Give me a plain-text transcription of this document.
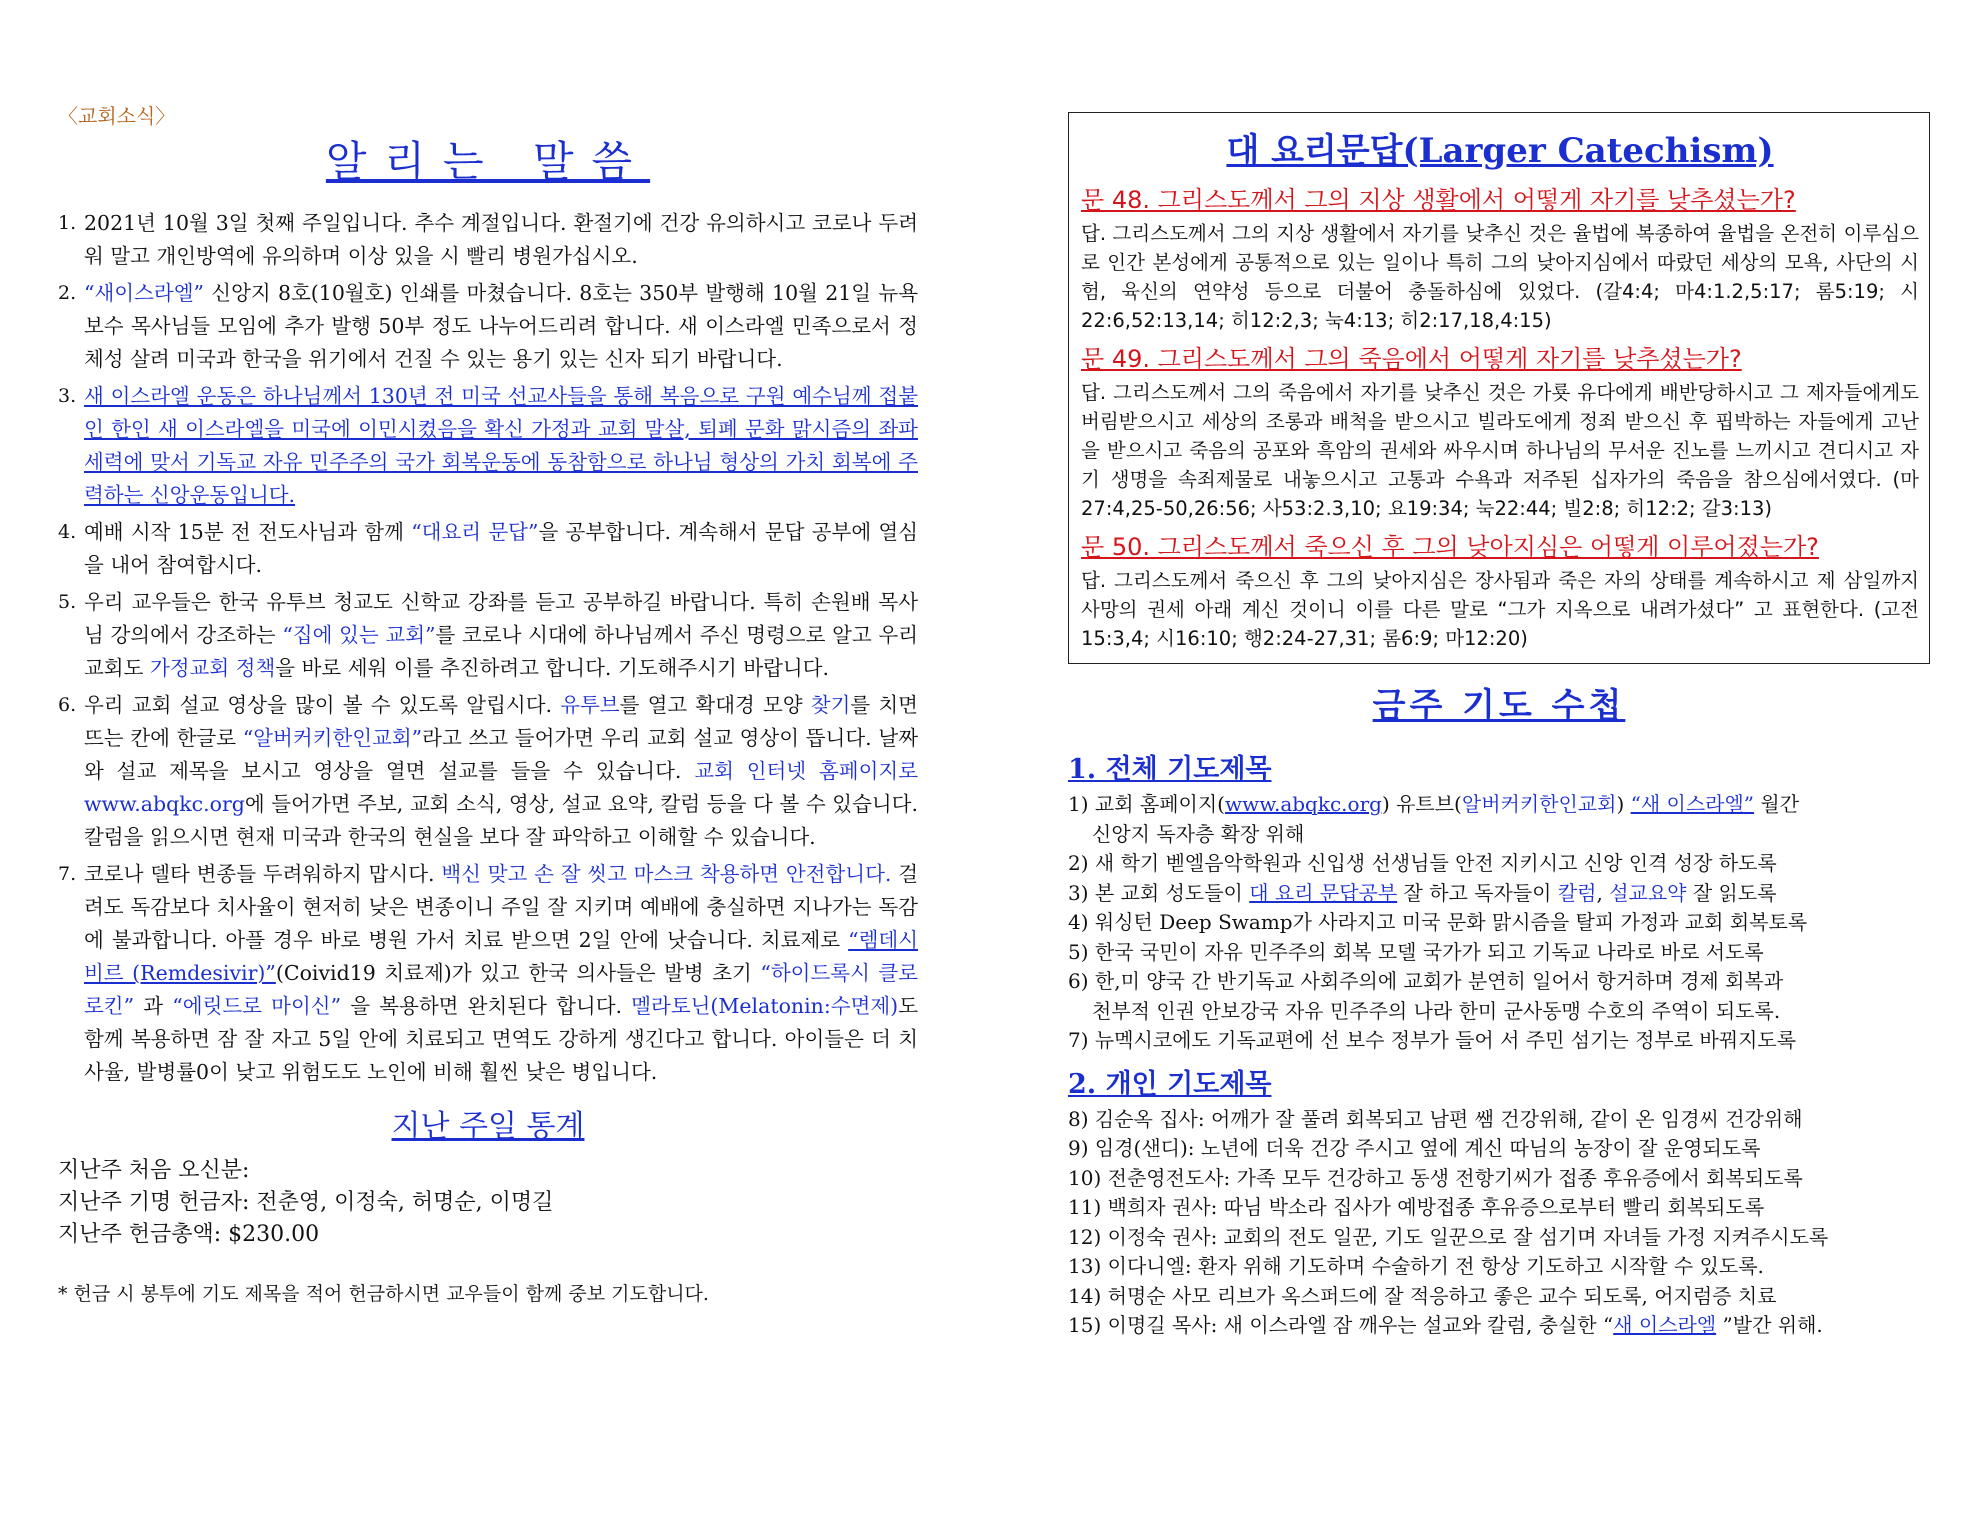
〈교회소식〉
알리는 말씀
1. 2021년 10월 3일 첫째 주일입니다. 추수 계절입니다. 환절기에 건강 유의하시고 코로나 두려워 말고 개인방역에 유의하며 이상 있을 시 빨리 병원가십시오.
2. “새이스라엘” 신앙지 8호(10월호) 인쇄를 마쳤습니다. 8호는 350부 발행해 10월 21일 뉴욕 보수 목사님들 모임에 추가 발행 50부 정도 나누어드리려 합니다. 새 이스라엘 민족으로서 정체성 살려 미국과 한국을 위기에서 건질 수 있는 용기 있는 신자 되기 바랍니다.
3. 새 이스라엘 운동은 하나님께서 130년 전 미국 선교사들을 통해 복음으로 구원 예수님께 접붙인 한인 새 이스라엘을 미국에 이민시켰음을 확신 가정과 교회 말살, 퇴폐 문화 맑시즘의 좌파 세력에 맞서 기독교 자유 민주주의 국가 회복운동에 동참함으로 하나님 형상의 가치 회복에 주력하는 신앙운동입니다.
4. 예배 시작 15분 전 전도사님과 함께 “대요리 문답”을 공부합니다. 계속해서 문답 공부에 열심을 내어 참여합시다.
5. 우리 교우들은 한국 유투브 청교도 신학교 강좌를 듣고 공부하길 바랍니다. 특히 손원배 목사님 강의에서 강조하는 “집에 있는 교회”를 코로나 시대에 하나님께서 주신 명령으로 알고 우리 교회도 가정교회 정책을 바로 세워 이를 추진하려고 합니다. 기도해주시기 바랍니다.
6. 우리 교회 설교 영상을 많이 볼 수 있도록 알립시다. 유투브를 열고 확대경 모양 찾기를 치면 뜨는 칸에 한글로 “알버커키한인교회”라고 쓰고 들어가면 우리 교회 설교 영상이 뜹니다. 날짜와 설교 제목을 보시고 영상을 열면 설교를 들을 수 있습니다. 교회 인터넷 홈페이지로 www.abqkc.org에 들어가면 주보, 교회 소식, 영상, 설교 요약, 칼럼 등을 다 볼 수 있습니다. 칼럼을 읽으시면 현재 미국과 한국의 현실을 보다 잘 파악하고 이해할 수 있습니다.
7. 코로나 델타 변종들 두려워하지 맙시다. 백신 맞고 손 잘 씻고 마스크 착용하면 안전합니다. 걸려도 독감보다 치사율이 현저히 낮은 변종이니 주일 잘 지키며 예배에 충실하면 지나가는 독감에 불과합니다. 아플 경우 바로 병원 가서 치료 받으면 2일 안에 낫습니다. 치료제로 “렘데시비르 (Remdesivir)”(Coivid19 치료제)가 있고 한국 의사들은 발병 초기 “하이드록시 클로로킨” 과 “에릿드로 마이신” 을 복용하면 완치된다 합니다. 멜라토닌(Melatonin:수면제)도 함께 복용하면 잠 잘 자고 5일 안에 치료되고 면역도 강하게 생긴다고 합니다. 아이들은 더 치사율, 발병률0이 낮고 위험도도 노인에 비해 훨씬 낮은 병입니다.
지난 주일 통계
지난주 처음 오신분:
지난주 기명 헌금자: 전춘영, 이정숙, 허명순, 이명길
지난주 헌금총액: $230.00
* 헌금 시 봉투에 기도 제목을 적어 헌금하시면 교우들이 함께 중보 기도합니다.
대 요리문답(Larger Catechism)
문 48. 그리스도께서 그의 지상 생활에서 어떻게 자기를 낮추셨는가?
답. 그리스도께서 그의 지상 생활에서 자기를 낮추신 것은 율법에 복종하여 율법을 온전히 이루심으로 인간 본성에게 공통적으로 있는 일이나 특히 그의 낮아지심에서 따랐던 세상의 모욕, 사단의 시험, 육신의 연약성 등으로 더불어 충돌하심에 있었다. (갈4:4; 마4:1.2,5:17; 롬5:19; 시22:6,52:13,14; 히12:2,3; 눅4:13; 히2:17,18,4:15)
문 49. 그리스도께서 그의 죽음에서 어떻게 자기를 낮추셨는가?
답. 그리스도께서 그의 죽음에서 자기를 낮추신 것은 가룟 유다에게 배반당하시고 그 제자들에게도 버림받으시고 세상의 조롱과 배척을 받으시고 빌라도에게 정죄 받으신 후 핍박하는 자들에게 고난을 받으시고 죽음의 공포와 흑암의 권세와 싸우시며 하나님의 무서운 진노를 느끼시고 견디시고 자기 생명을 속죄제물로 내놓으시고 고통과 수욕과 저주된 십자가의 죽음을 참으심에서였다. (마27:4,25-50,26:56; 사53:2.3,10; 요19:34; 눅22:44; 빌2:8; 히12:2; 갈3:13)
문 50. 그리스도께서 죽으신 후 그의 낮아지심은 어떻게 이루어졌는가?
답. 그리스도께서 죽으신 후 그의 낮아지심은 장사됨과 죽은 자의 상태를 계속하시고 제 삼일까지 사망의 권세 아래 계신 것이니 이를 다른 말로 “그가 지옥으로 내려가셨다” 고 표현한다. (고전15:3,4; 시16:10; 행2:24-27,31; 롬6:9; 마12:20)
금주 기도 수첩
1. 전체 기도제목
1) 교회 홈페이지(www.abqkc.org) 유트브(알버커키한인교회) “새 이스라엘” 월간
신앙지 독자층 확장 위해
2) 새 학기 벧엘음악학원과 신입생 선생님들 안전 지키시고 신앙 인격 성장 하도록
3) 본 교회 성도들이 대 요리 문답공부 잘 하고 독자들이 칼럼, 설교요약 잘 읽도록
4) 워싱턴 Deep Swamp가 사라지고 미국 문화 맑시즘을 탈피 가정과 교회 회복토록
5) 한국 국민이 자유 민주주의 회복 모델 국가가 되고 기독교 나라로 바로 서도록
6) 한,미 양국 간 반기독교 사회주의에 교회가 분연히 일어서 항거하며 경제 회복과
천부적 인권 안보강국 자유 민주주의 나라 한미 군사동맹 수호의 주역이 되도록.
7) 뉴멕시코에도 기독교편에 선 보수 정부가 들어 서 주민 섬기는 정부로 바꿔지도록
2. 개인 기도제목
8) 김순옥 집사: 어깨가 잘 풀려 회복되고 남편 쌤 건강위해, 같이 온 임경씨 건강위해
9) 임경(샌디): 노년에 더욱 건강 주시고 옆에 계신 따님의 농장이 잘 운영되도록
10) 전춘영전도사: 가족 모두 건강하고 동생 전항기씨가 접종 후유증에서 회복되도록
11) 백희자 권사: 따님 박소라 집사가 예방접종 후유증으로부터 빨리 회복되도록
12) 이정숙 권사: 교회의 전도 일꾼, 기도 일꾼으로 잘 섬기며 자녀들 가정 지켜주시도록
13) 이다니엘: 환자 위해 기도하며 수술하기 전 항상 기도하고 시작할 수 있도록.
14) 허명순 사모 리브가 옥스퍼드에 잘 적응하고 좋은 교수 되도록, 어지럼증 치료
15) 이명길 목사: 새 이스라엘 잠 깨우는 설교와 칼럼, 충실한 “새 이스라엘 ”발간 위해.
